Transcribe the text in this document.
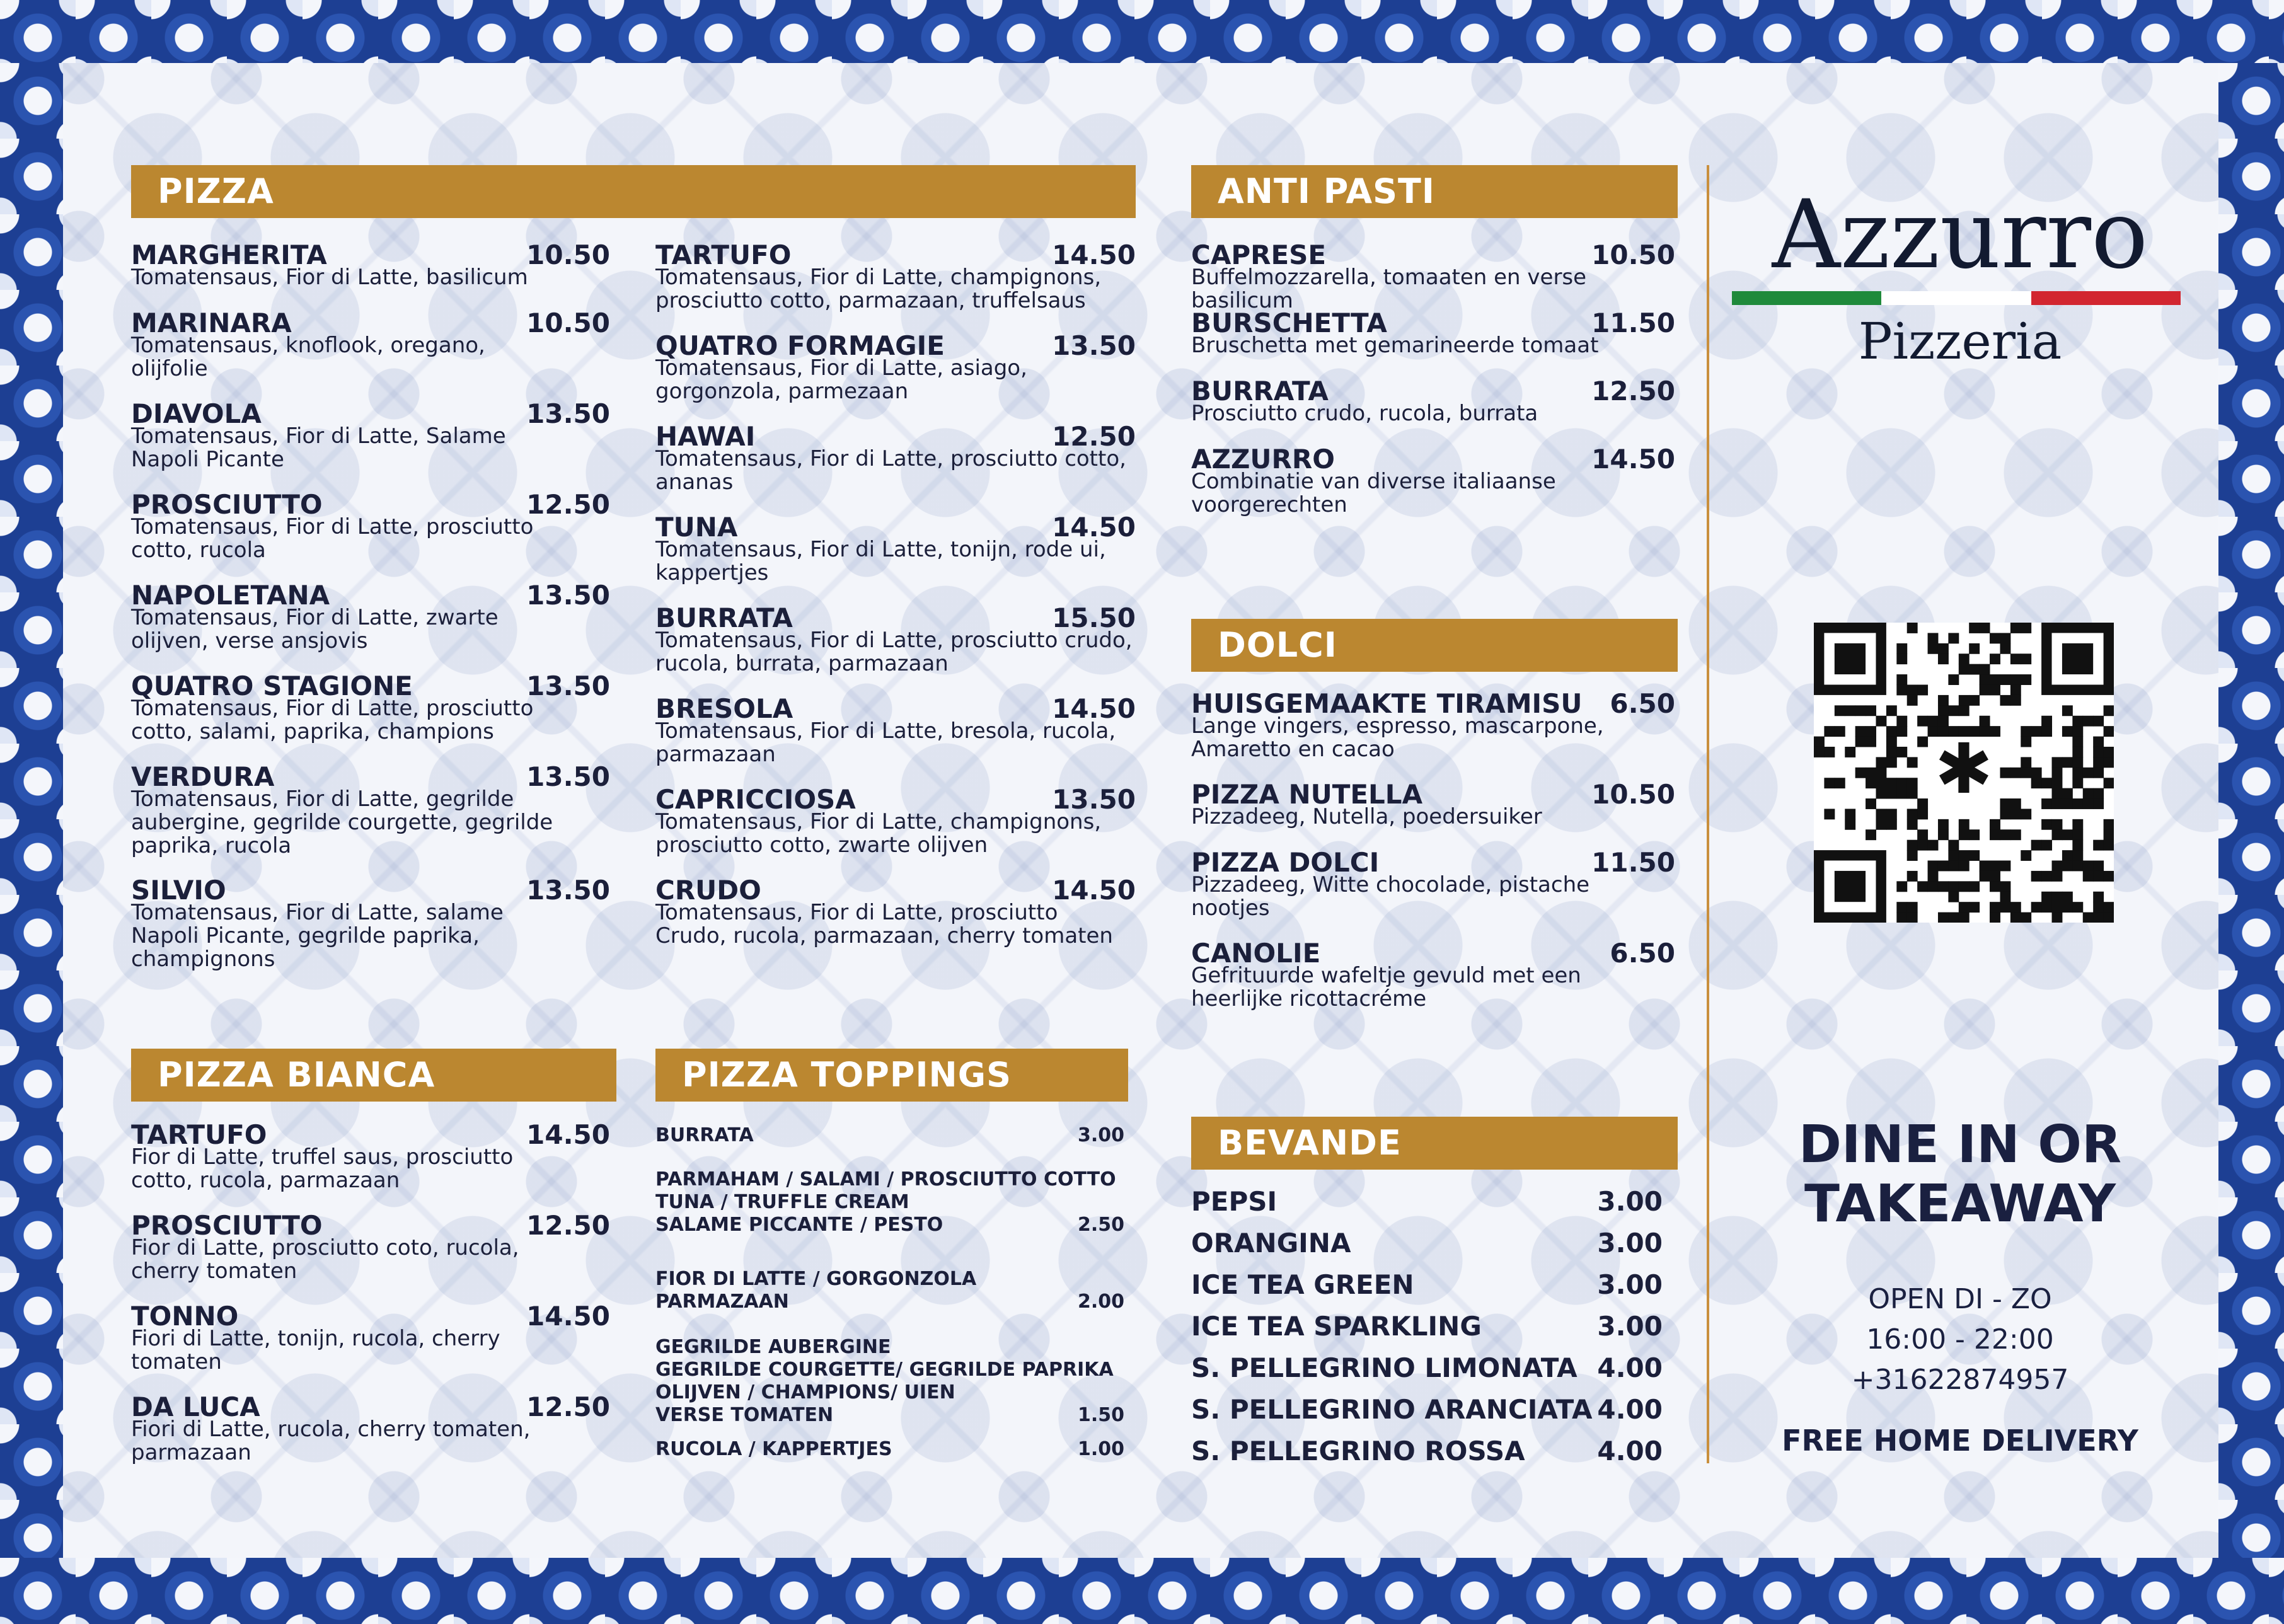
PIZZA
MARGHERITA	10.50
Tomatensaus, Fior di Latte, basilicum
MARINARA	10.50
Tomatensaus, knoflook, oregano, olijfolie
DIAVOLA	13.50
Tomatensaus, Fior di Latte, Salame Napoli Picante
PROSCIUTTO	12.50
Tomatensaus, Fior di Latte, prosciutto cotto, rucola
NAPOLETANA	13.50
Tomatensaus, Fior di Latte, zwarte olijven, verse ansjovis
QUATRO STAGIONE	13.50
Tomatensaus, Fior di Latte, prosciutto cotto, salami, paprika, champions
VERDURA	13.50
Tomatensaus, Fior di Latte, gegrilde aubergine, gegrilde courgette, gegrilde paprika, rucola
SILVIO	13.50
Tomatensaus, Fior di Latte, salame Napoli Picante, gegrilde paprika, champignons
TARTUFO	14.50
Tomatensaus, Fior di Latte, champignons, prosciutto cotto, parmazaan, truffelsaus
QUATRO FORMAGIE	13.50
Tomatensaus, Fior di Latte, asiago, gorgonzola, parmezaan
HAWAI	12.50
Tomatensaus, Fior di Latte, prosciutto cotto, ananas
TUNA	14.50
Tomatensaus, Fior di Latte, tonijn, rode ui, kappertjes
BURRATA	15.50
Tomatensaus, Fior di Latte, prosciutto crudo, rucola, burrata, parmazaan
BRESOLA	14.50
Tomatensaus, Fior di Latte, bresola, rucola, parmazaan
CAPRICCIOSA	13.50
Tomatensaus, Fior di Latte, champignons, prosciutto cotto, zwarte olijven
CRUDO	14.50
Tomatensaus, Fior di Latte, prosciutto Crudo, rucola, parmazaan, cherry tomaten
PIZZA BIANCA
TARTUFO	14.50
Fior di Latte, truffel saus, prosciutto cotto, rucola, parmazaan
PROSCIUTTO	12.50
Fior di Latte, prosciutto coto, rucola, cherry tomaten
TONNO	14.50
Fiori di Latte, tonijn, rucola, cherry tomaten
DA LUCA	12.50
Fiori di Latte, rucola, cherry tomaten, parmazaan
PIZZA TOPPINGS
BURRATA	3.00
PARMAHAM / SALAMI / PROSCIUTTO COTTO
TUNA / TRUFFLE CREAM
SALAME PICCANTE / PESTO	2.50
FIOR DI LATTE / GORGONZOLA
PARMAZAAN	2.00
GEGRILDE AUBERGINE
GEGRILDE COURGETTE/ GEGRILDE PAPRIKA
OLIJVEN / CHAMPIONS/ UIEN
VERSE TOMATEN	1.50
RUCOLA / KAPPERTJES	1.00
ANTI PASTI
CAPRESE	10.50
Buffelmozzarella, tomaaten en verse basilicum
BURSCHETTA	11.50
Bruschetta met gemarineerde tomaat
BURRATA	12.50
Prosciutto crudo, rucola, burrata
AZZURRO	14.50
Combinatie van diverse italiaanse voorgerechten
DOLCI
HUISGEMAAKTE TIRAMISU 6.50
Lange vingers, espresso, mascarpone, Amaretto en cacao
PIZZA NUTELLA	10.50
Pizzadeeg, Nutella, poedersuiker
PIZZA DOLCI	11.50
Pizzadeeg, Witte chocolade, pistache nootjes
CANOLIE	6.50
Gefrituurde wafeltje gevuld met een heerlijke ricottacréme
BEVANDE
PEPSI	3.00
ORANGINA	3.00
ICE TEA GREEN	3.00
ICE TEA SPARKLING	3.00
S. PELLEGRINO LIMONATA 4.00
S. PELLEGRINO ARANCIATA 4.00
S. PELLEGRINO ROSSA	4.00
Azzurro
Pizzeria
✱
DINE IN OR TAKEAWAY
OPEN DI - ZO
16:00 - 22:00
+31622874957
FREE HOME DELIVERY
